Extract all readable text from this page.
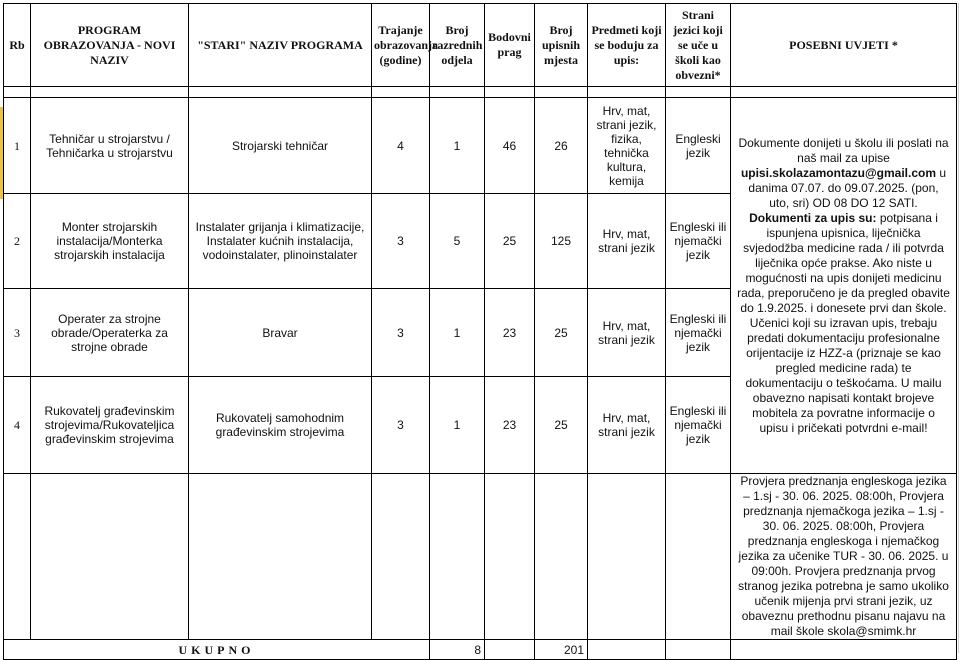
Rb	PROGRAM OBRAZOVANJA - NOVI NAZIV	"STARI" NAZIV PROGRAMA	Trajanje obrazovanja (godine)	Broj razrednih odjela	Bodovni prag	Broj upisnih mjesta	Predmeti koji se boduju za upis:	Strani jezici koji se uče u školi kao obvezni*	POSEBNI UVJETI *

1	Tehničar u strojarstvu / Tehničarka u strojarstvu	Strojarski tehničar	4	1	46	26	Hrv, mat, strani jezik, fizika, tehnička kultura, kemija	Engleski jezik	Dokumente donijeti u školu ili poslati na naš mail za upise upisi.skolazamontazu@gmail.com u danima 07.07. do 09.07.2025. (pon, uto, sri) OD 08 DO 12 SATI. Dokumenti za upis su: potpisana i ispunjena upisnica, liječnička svjedodžba medicine rada / ili potvrda liječnika opće prakse. Ako niste u mogućnosti na upis donijeti medicinu rada, preporučeno je da pregled obavite do 1.9.2025. i donesete prvi dan škole. Učenici koji su izravan upis, trebaju predati dokumentaciju profesionalne orijentacije iz HZZ-a (priznaje se kao pregled medicine rada) te dokumentaciju o teškoćama. U mailu obavezno napisati kontakt brojeve mobitela za povratne informacije o upisu i pričekati potvrdni e-mail!
2	Monter strojarskih instalacija/Monterka strojarskih instalacija	Instalater grijanja i klimatizacije, Instalater kućnih instalacija, vodoinstalater, plinoinstalater	3	5	25	125	Hrv, mat, strani jezik	Engleski ili njemački jezik	
3	Operater za strojne obrade/Operaterka za strojne obrade	Bravar	3	1	23	25	Hrv, mat, strani jezik	Engleski ili njemački jezik	
4	Rukovatelj građevinskim strojevima/Rukovateljica građevinskim strojevima	Rukovatelj samohodnim građevinskim strojevima	3	1	23	25	Hrv, mat, strani jezik	Engleski ili njemački jezik	
									Provjera predznanja engleskoga jezika – 1.sj - 30. 06. 2025. 08:00h, Provjera predznanja njemačkoga jezika – 1.sj - 30. 06. 2025. 08:00h, Provjera predznanja engleskoga i njemačkog jezika za učenike TUR - 30. 06. 2025. u 09:00h. Provjera predznanja prvog stranog jezika potrebna je samo ukoliko učenik mijenja prvi strani jezik, uz obaveznu prethodnu pisanu najavu na mail škole skola@smimk.hr
UKUPNO				8		201			
